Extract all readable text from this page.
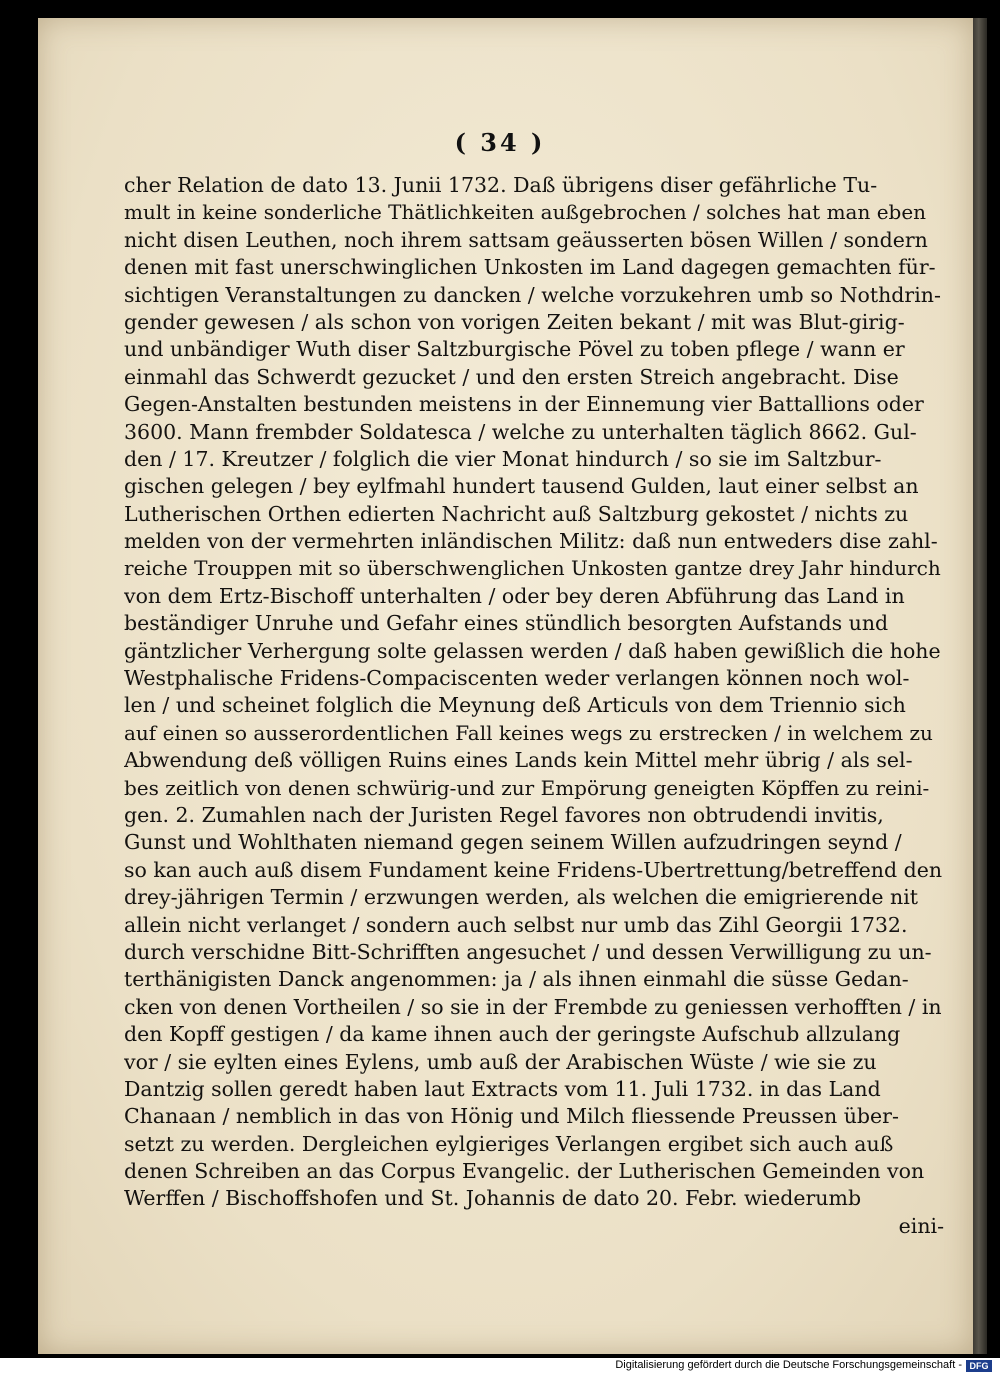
( 34 )
cher Relation de dato 13. Junii 1732. Daß übrigens diser gefährliche Tu-
mult in keine sonderliche Thätlichkeiten außgebrochen / solches hat man eben
nicht disen Leuthen, noch ihrem sattsam geäusserten bösen Willen / sondern
denen mit fast unerschwinglichen Unkosten im Land dagegen gemachten für-
sichtigen Veranstaltungen zu dancken / welche vorzukehren umb so Nothdrin-
gender gewesen / als schon von vorigen Zeiten bekant / mit was Blut-girig-
und unbändiger Wuth diser Saltzburgische Pövel zu toben pflege / wann er
einmahl das Schwerdt gezucket / und den ersten Streich angebracht. Dise
Gegen-Anstalten bestunden meistens in der Einnemung vier Battallions oder
3600. Mann frembder Soldatesca / welche zu unterhalten täglich 8662. Gul-
den / 17. Kreutzer / folglich die vier Monat hindurch / so sie im Saltzbur-
gischen gelegen / bey eylfmahl hundert tausend Gulden, laut einer selbst an
Lutherischen Orthen edierten Nachricht auß Saltzburg gekostet / nichts zu
melden von der vermehrten inländischen Militz: daß nun entweders dise zahl-
reiche Trouppen mit so überschwenglichen Unkosten gantze drey Jahr hindurch
von dem Ertz-Bischoff unterhalten / oder bey deren Abführung das Land in
beständiger Unruhe und Gefahr eines stündlich besorgten Aufstands und
gäntzlicher Verhergung solte gelassen werden / daß haben gewißlich die hohe
Westphalische Fridens-Compaciscenten weder verlangen können noch wol-
len / und scheinet folglich die Meynung deß Articuls von dem Triennio sich
auf einen so ausserordentlichen Fall keines wegs zu erstrecken / in welchem zu
Abwendung deß völligen Ruins eines Lands kein Mittel mehr übrig / als sel-
bes zeitlich von denen schwürig-und zur Empörung geneigten Köpffen zu reini-
gen. 2. Zumahlen nach der Juristen Regel favores non obtrudendi invitis,
Gunst und Wohlthaten niemand gegen seinem Willen aufzudringen seynd /
so kan auch auß disem Fundament keine Fridens-Ubertrettung/betreffend den
drey-jährigen Termin / erzwungen werden, als welchen die emigrierende nit
allein nicht verlanget / sondern auch selbst nur umb das Zihl Georgii 1732.
durch verschidne Bitt-Schrifften angesuchet / und dessen Verwilligung zu un-
terthänigisten Danck angenommen: ja / als ihnen einmahl die süsse Gedan-
cken von denen Vortheilen / so sie in der Frembde zu geniessen verhofften / in
den Kopff gestigen / da kame ihnen auch der geringste Aufschub allzulang
vor / sie eylten eines Eylens, umb auß der Arabischen Wüste / wie sie zu
Dantzig sollen geredt haben laut Extracts vom 11. Juli 1732. in das Land
Chanaan / nemblich in das von Hönig und Milch fliessende Preussen über-
setzt zu werden. Dergleichen eylgieriges Verlangen ergibet sich auch auß
denen Schreiben an das Corpus Evangelic. der Lutherischen Gemeinden von
Werffen / Bischoffshofen und St. Johannis de dato 20. Febr. wiederumb
eini-
Digitalisierung gefördert durch die Deutsche Forschungsgemeinschaft - DFG
